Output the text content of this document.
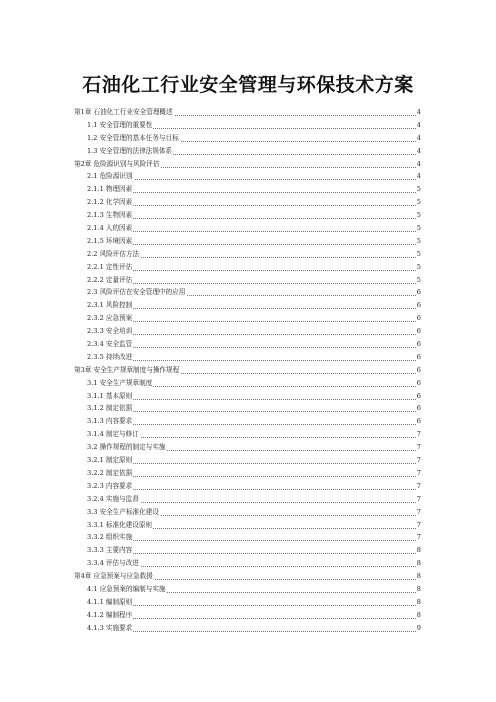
石油化工行业安全管理与环保技术方案
第1章 石油化工行业安全管理概述	4
1.1 安全管理的重要性	4
1.2 安全管理的基本任务与目标	4
1.3 安全管理的法律法规体系	4
第2章 危险源识别与风险评估	4
2.1 危险源识别	4
2.1.1 物理因素	5
2.1.2 化学因素	5
2.1.3 生物因素	5
2.1.4 人的因素	5
2.1.5 环境因素	5
2.2 风险评估方法	5
2.2.1 定性评估	5
2.2.2 定量评估	5
2.3 风险评估在安全管理中的应用	6
2.3.1 风险控制	6
2.3.2 应急预案	6
2.3.3 安全培训	6
2.3.4 安全监管	6
2.3.5 持续改进	6
第3章 安全生产规章制度与操作规程	6
3.1 安全生产规章制度	6
3.1.1 基本原则	6
3.1.2 制定依据	6
3.1.3 内容要求	6
3.1.4 制定与修订	7
3.2 操作规程的制定与实施	7
3.2.1 制定原则	7
3.2.2 制定依据	7
3.2.3 内容要求	7
3.2.4 实施与监督	7
3.3 安全生产标准化建设	7
3.3.1 标准化建设原则	7
3.3.2 组织实施	7
3.3.3 主要内容	8
3.3.4 评估与改进	8
第4章 应急预案与应急救援	8
4.1 应急预案的编制与实施	8
4.1.1 编制原则	8
4.1.2 编制程序	8
4.1.3 实施要求	9
